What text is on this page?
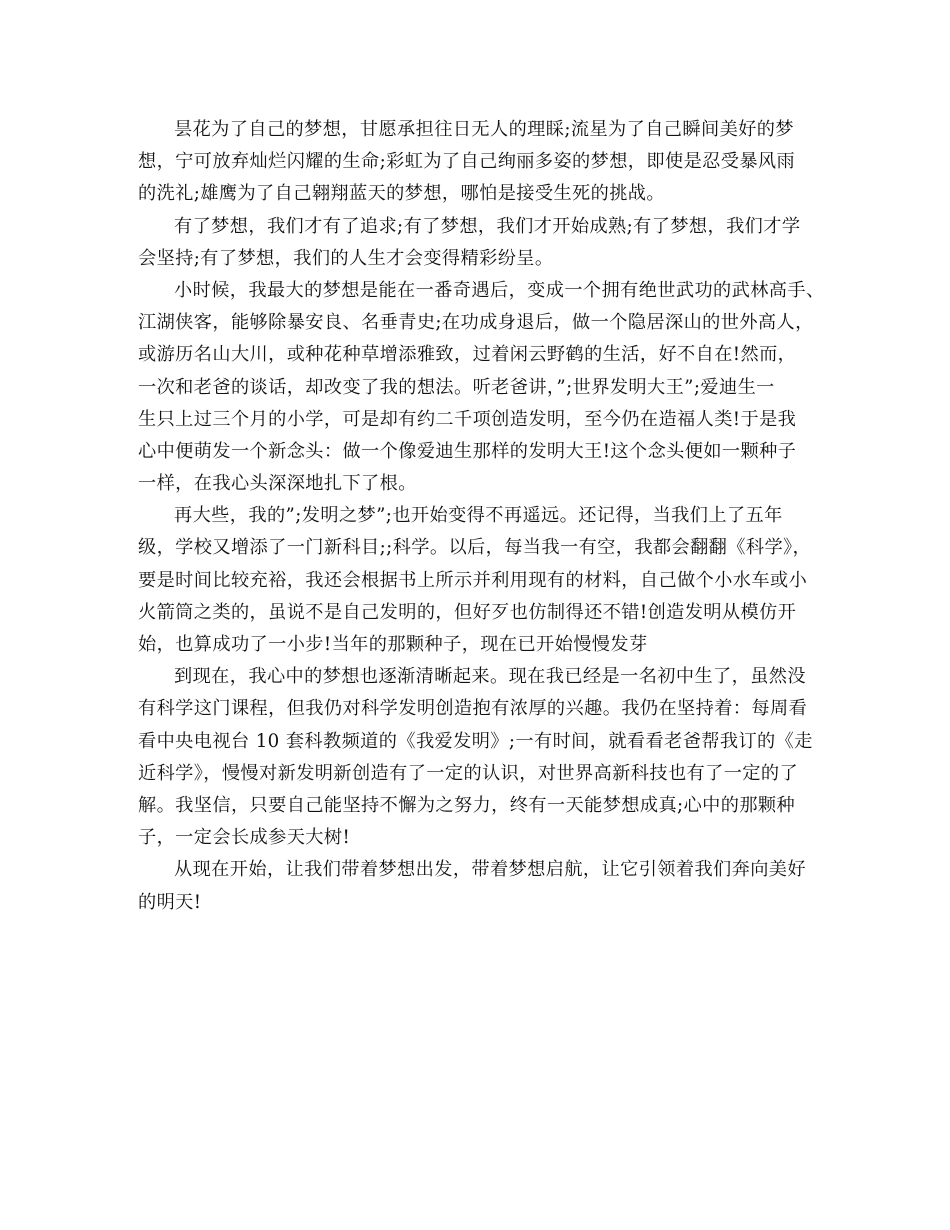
昙花为了自己的梦想，甘愿承担往日无人的理睬;流星为了自己瞬间美好的梦
想，宁可放弃灿烂闪耀的生命;彩虹为了自己绚丽多姿的梦想，即使是忍受暴风雨
的洗礼;雄鹰为了自己翱翔蓝天的梦想，哪怕是接受生死的挑战。
有了梦想，我们才有了追求;有了梦想，我们才开始成熟;有了梦想，我们才学
会坚持;有了梦想，我们的人生才会变得精彩纷呈。
小时候，我最大的梦想是能在一番奇遇后，变成一个拥有绝世武功的武林高手、
江湖侠客，能够除暴安良、名垂青史;在功成身退后，做一个隐居深山的世外高人，
或游历名山大川，或种花种草增添雅致，过着闲云野鹤的生活，好不自在!然而，
一次和老爸的谈话，却改变了我的想法。听老爸讲，”;世界发明大王”;爱迪生一
生只上过三个月的小学，可是却有约二千项创造发明，至今仍在造福人类!于是我
心中便萌发一个新念头：做一个像爱迪生那样的发明大王!这个念头便如一颗种子
一样，在我心头深深地扎下了根。
再大些，我的”;发明之梦”;也开始变得不再遥远。还记得，当我们上了五年
级，学校又增添了一门新科目;;科学。以后，每当我一有空，我都会翻翻《科学》，
要是时间比较充裕，我还会根据书上所示并利用现有的材料，自己做个小水车或小
火箭筒之类的，虽说不是自己发明的，但好歹也仿制得还不错!创造发明从模仿开
始，也算成功了一小步!当年的那颗种子，现在已开始慢慢发芽
到现在，我心中的梦想也逐渐清晰起来。现在我已经是一名初中生了，虽然没
有科学这门课程，但我仍对科学发明创造抱有浓厚的兴趣。我仍在坚持着：每周看
看中央电视台 10 套科教频道的《我爱发明》;一有时间，就看看老爸帮我订的《走
近科学》，慢慢对新发明新创造有了一定的认识，对世界高新科技也有了一定的了
解。我坚信，只要自己能坚持不懈为之努力，终有一天能梦想成真;心中的那颗种
子，一定会长成参天大树!
从现在开始，让我们带着梦想出发，带着梦想启航，让它引领着我们奔向美好
的明天!
